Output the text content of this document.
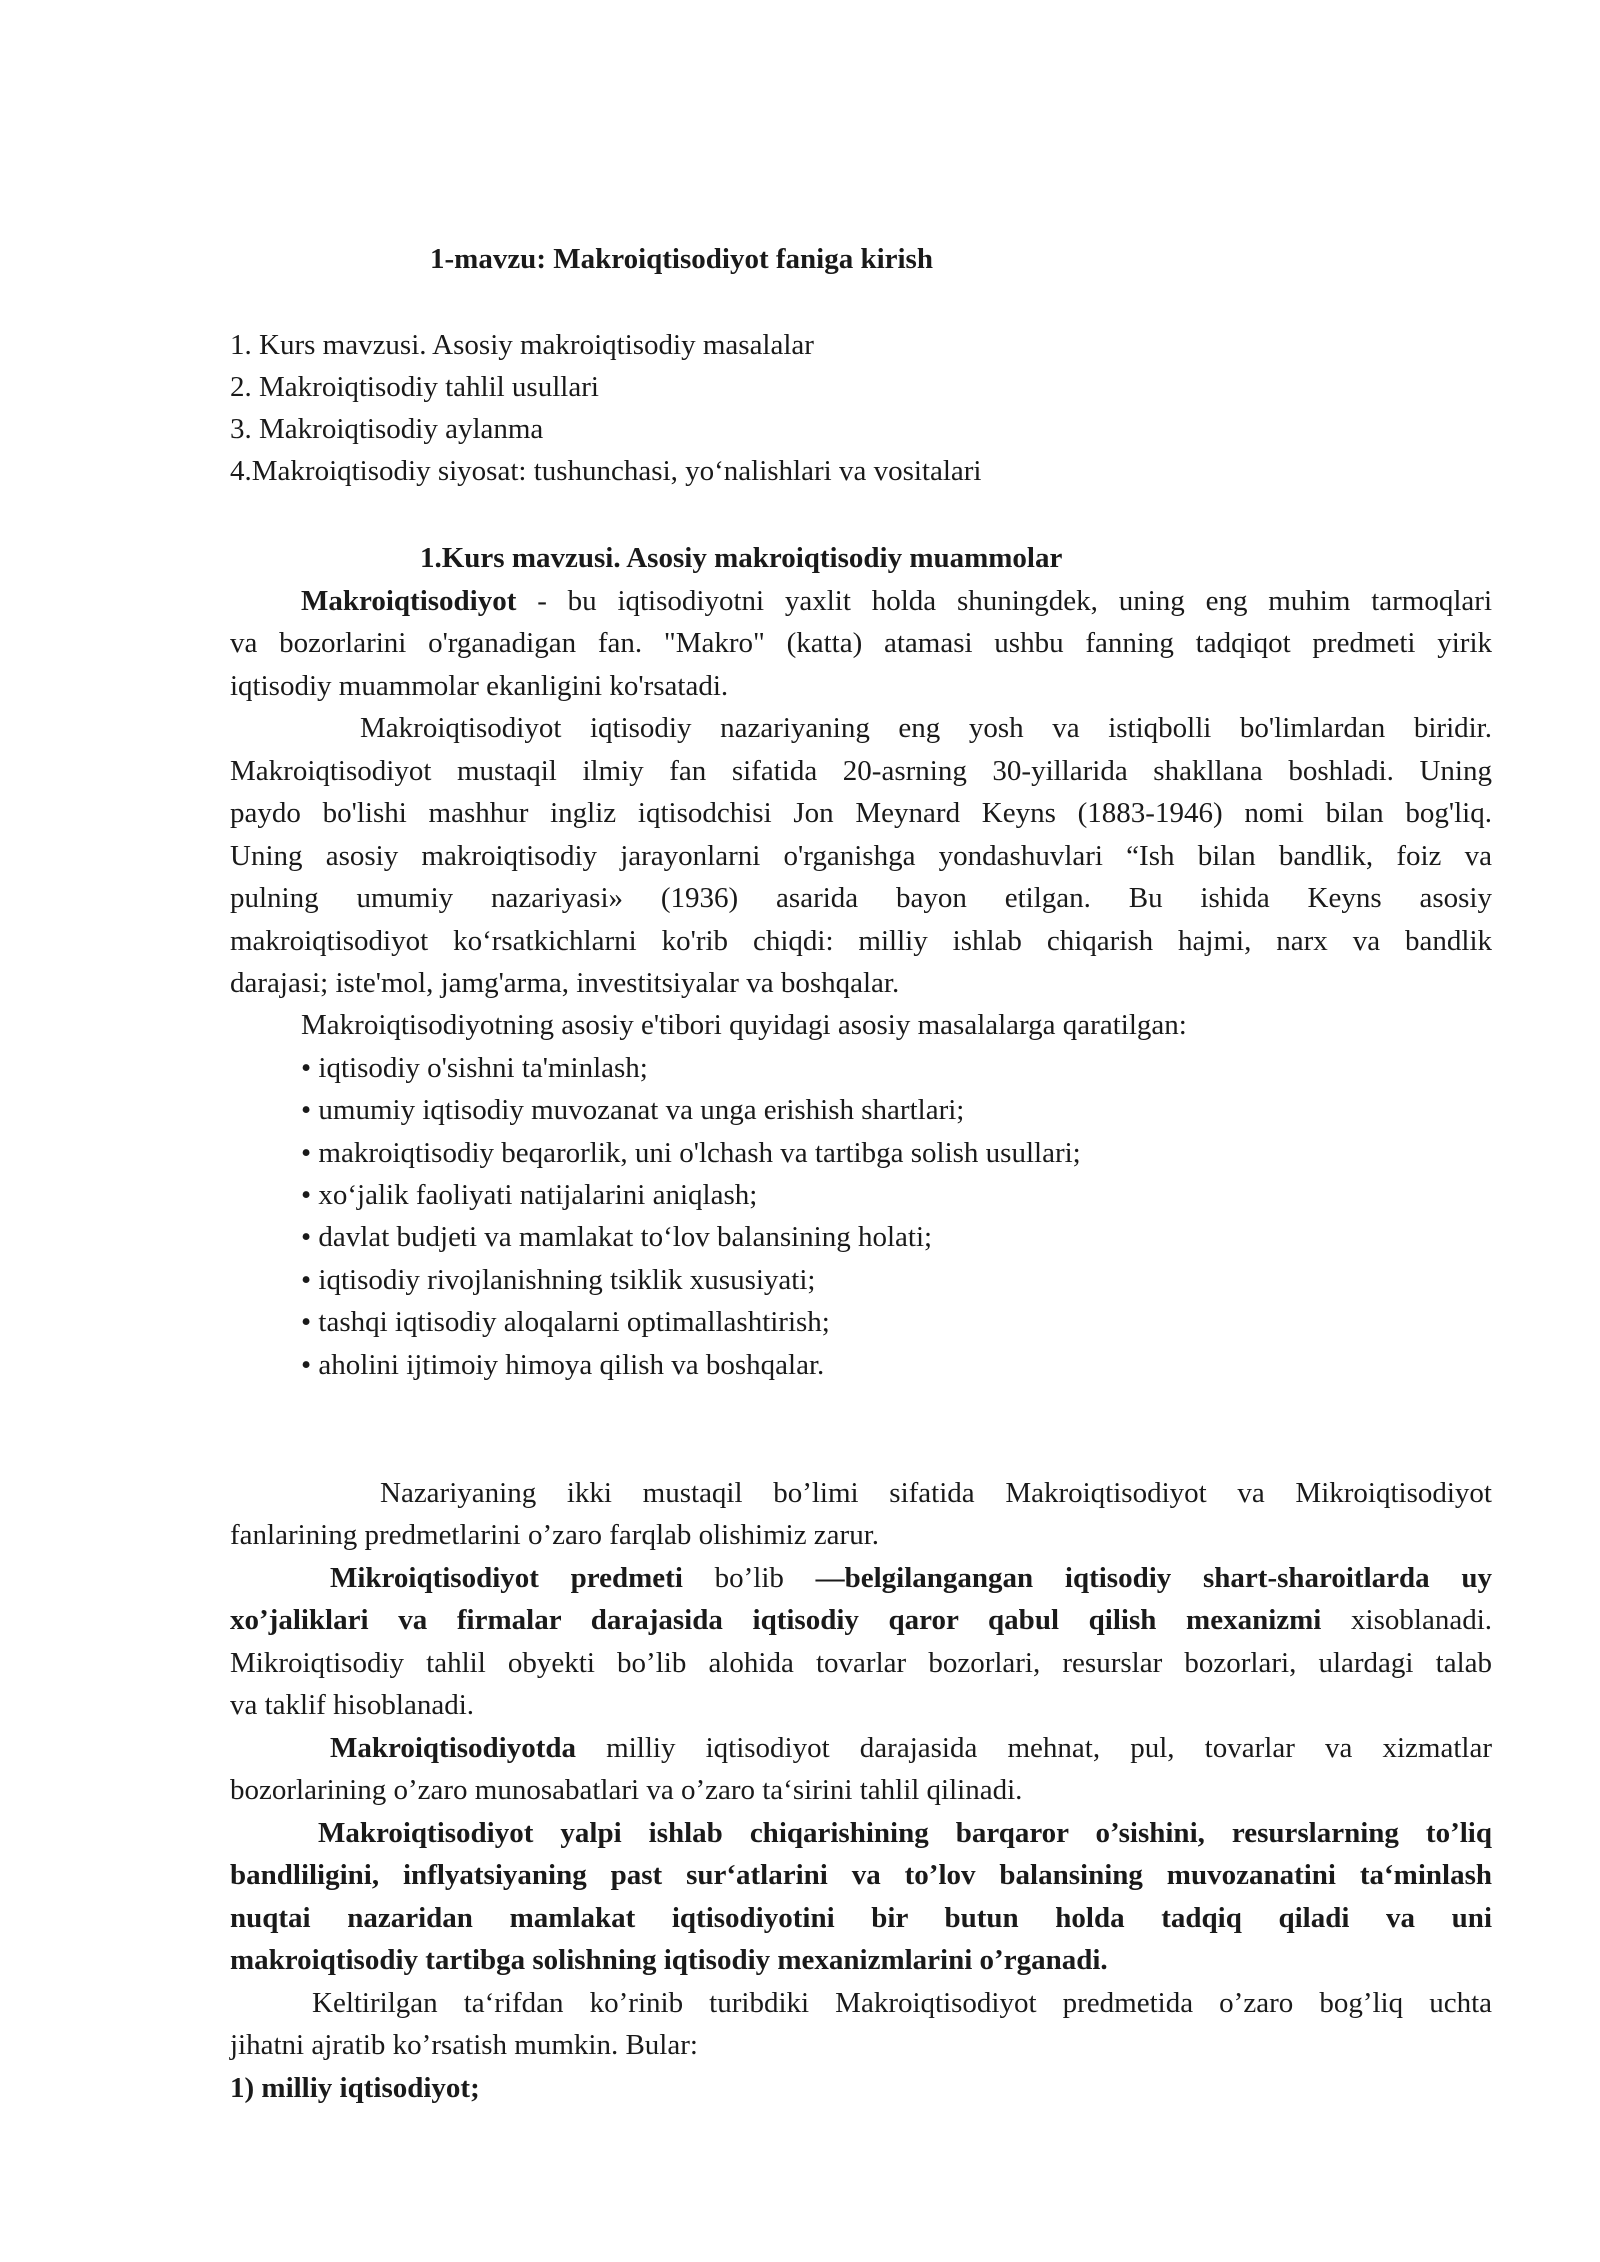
1-mavzu: Makroiqtisodiyot faniga kirish
1. Kurs mavzusi. Asosiy makroiqtisodiy masalalar
2. Makroiqtisodiy tahlil usullari
3. Makroiqtisodiy aylanma
4.Makroiqtisodiy siyosat: tushunchasi, yo‘nalishlari va vositalari
1.Kurs mavzusi. Asosiy makroiqtisodiy muammolar
Makroiqtisodiyot - bu iqtisodiyotni yaxlit holda shuningdek, uning eng muhim tarmoqlari
va bozorlarini o'rganadigan fan. "Makro" (katta) atamasi ushbu fanning tadqiqot predmeti yirik
iqtisodiy muammolar ekanligini ko'rsatadi.
Makroiqtisodiyot iqtisodiy nazariyaning eng yosh va istiqbolli bo'limlardan biridir.
Makroiqtisodiyot mustaqil ilmiy fan sifatida 20-asrning 30-yillarida shakllana boshladi. Uning
paydo bo'lishi mashhur ingliz iqtisodchisi Jon Meynard Keyns (1883-1946) nomi bilan bog'liq.
Uning asosiy makroiqtisodiy jarayonlarni o'rganishga yondashuvlari “Ish bilan bandlik, foiz va
pulning umumiy nazariyasi» (1936) asarida bayon etilgan. Bu ishida Keyns asosiy
makroiqtisodiyot ko‘rsatkichlarni ko'rib chiqdi: milliy ishlab chiqarish hajmi, narx va bandlik
darajasi; iste'mol, jamg'arma, investitsiyalar va boshqalar.
Makroiqtisodiyotning asosiy e'tibori quyidagi asosiy masalalarga qaratilgan:
• iqtisodiy o'sishni ta'minlash;
• umumiy iqtisodiy muvozanat va unga erishish shartlari;
• makroiqtisodiy beqarorlik, uni o'lchash va tartibga solish usullari;
• xo‘jalik faoliyati natijalarini aniqlash;
• davlat budjeti va mamlakat to‘lov balansining holati;
• iqtisodiy rivojlanishning tsiklik xususiyati;
• tashqi iqtisodiy aloqalarni optimallashtirish;
• aholini ijtimoiy himoya qilish va boshqalar.
Nazariyaning ikki mustaqil bo’limi sifatida Makroiqtisodiyot va Mikroiqtisodiyot
fanlarining predmetlarini o’zaro farqlab olishimiz zarur.
Mikroiqtisodiyot predmeti bo’lib —belgilangangan iqtisodiy shart-sharoitlarda uy
xo’jaliklari va firmalar darajasida iqtisodiy qaror qabul qilish mexanizmi xisoblanadi.
Mikroiqtisodiy tahlil obyekti bo’lib alohida tovarlar bozorlari, resurslar bozorlari, ulardagi talab
va taklif hisoblanadi.
Makroiqtisodiyotda milliy iqtisodiyot darajasida mehnat, pul, tovarlar va xizmatlar
bozorlarining o’zaro munosabatlari va o’zaro ta‘sirini tahlil qilinadi.
Makroiqtisodiyot yalpi ishlab chiqarishining barqaror o’sishini, resurslarning to’liq
bandliligini, inflyatsiyaning past sur‘atlarini va to’lov balansining muvozanatini ta‘minlash
nuqtai nazaridan mamlakat iqtisodiyotini bir butun holda tadqiq qiladi va uni
makroiqtisodiy tartibga solishning iqtisodiy mexanizmlarini o’rganadi.
Keltirilgan ta‘rifdan ko’rinib turibdiki Makroiqtisodiyot predmetida o’zaro bog’liq uchta
jihatni ajratib ko’rsatish mumkin. Bular:
1) milliy iqtisodiyot;
